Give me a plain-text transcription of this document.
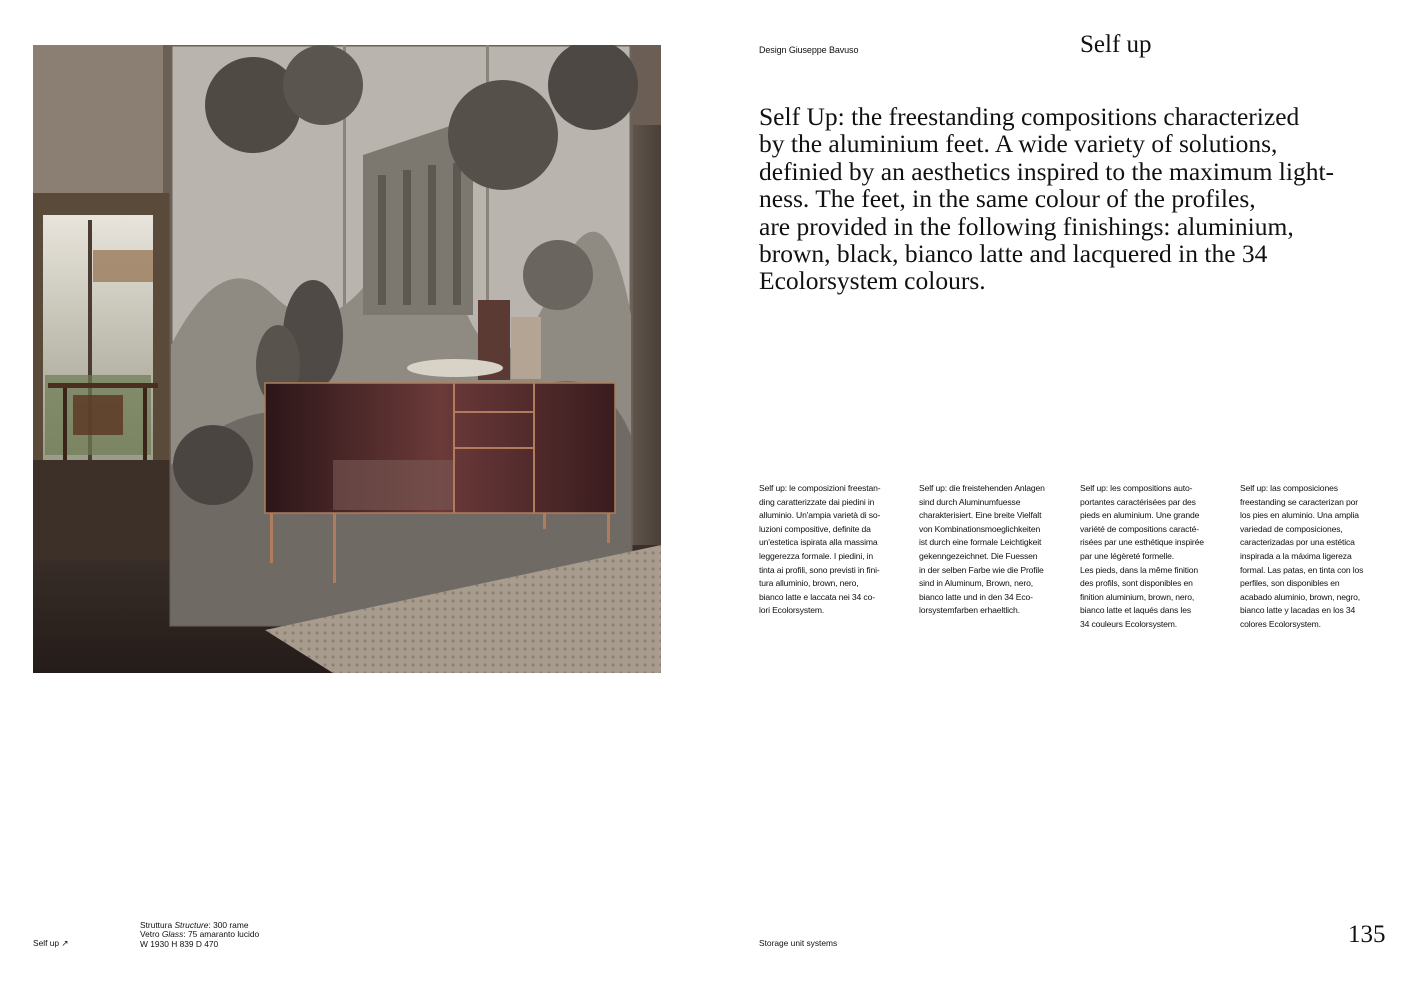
Design Giuseppe Bavuso	Self up

Self Up: the freestanding compositions characterized
by the aluminium feet. A wide variety of solutions,
definied by an aesthetics inspired to the maximum light-
ness. The feet, in the same colour of the profiles,
are provided in the following finishings: aluminium,
brown, black, bianco latte and lacquered in the 34
Ecolorsystem colours.

Self up: le composizioni freestan-
ding caratterizzate dai piedini in
alluminio. Un'ampia varietà di so-
luzioni compositive, definite da
un'estetica ispirata alla massima
leggerezza formale. I piedini, in
tinta ai profili, sono previsti in fini-
tura alluminio, brown, nero,
bianco latte e laccata nei 34 co-
lori Ecolorsystem.
Self up: die freistehenden Anlagen
sind durch Aluminumfuesse
charakterisiert. Eine breite Vielfalt
von Kombinationsmoeglichkeiten
ist durch eine formale Leichtigkeit
gekenngezeichnet. Die Fuessen
in der selben Farbe wie die Profile
sind in Aluminum, Brown, nero,
bianco latte und in den 34 Eco-
lorsystemfarben erhaeltlich.
Self up: les compositions auto-
portantes caractérisées par des
pieds en aluminium. Une grande
variété de compositions caracté-
risées par une esthétique inspirée
par une légèreté formelle.
Les pieds, dans la même finition
des profils, sont disponibles en
finition aluminium, brown, nero,
bianco latte et laqués dans les
34 couleurs Ecolorsystem.
Self up: las composiciones
freestanding se caracterizan por
los pies en aluminio. Una amplia
variedad de composiciones,
caracterizadas por una estética
inspirada a la máxima ligereza
formal. Las patas, en tinta con los
perfiles, son disponibles en
acabado aluminio, brown, negro,
bianco latte y lacadas en los 34
colores Ecolorsystem.
Self up ↗
Struttura Structure: 300 rame
Vetro Glass: 75 amaranto lucido
W 1930 H 839 D 470	Storage unit systems	135
